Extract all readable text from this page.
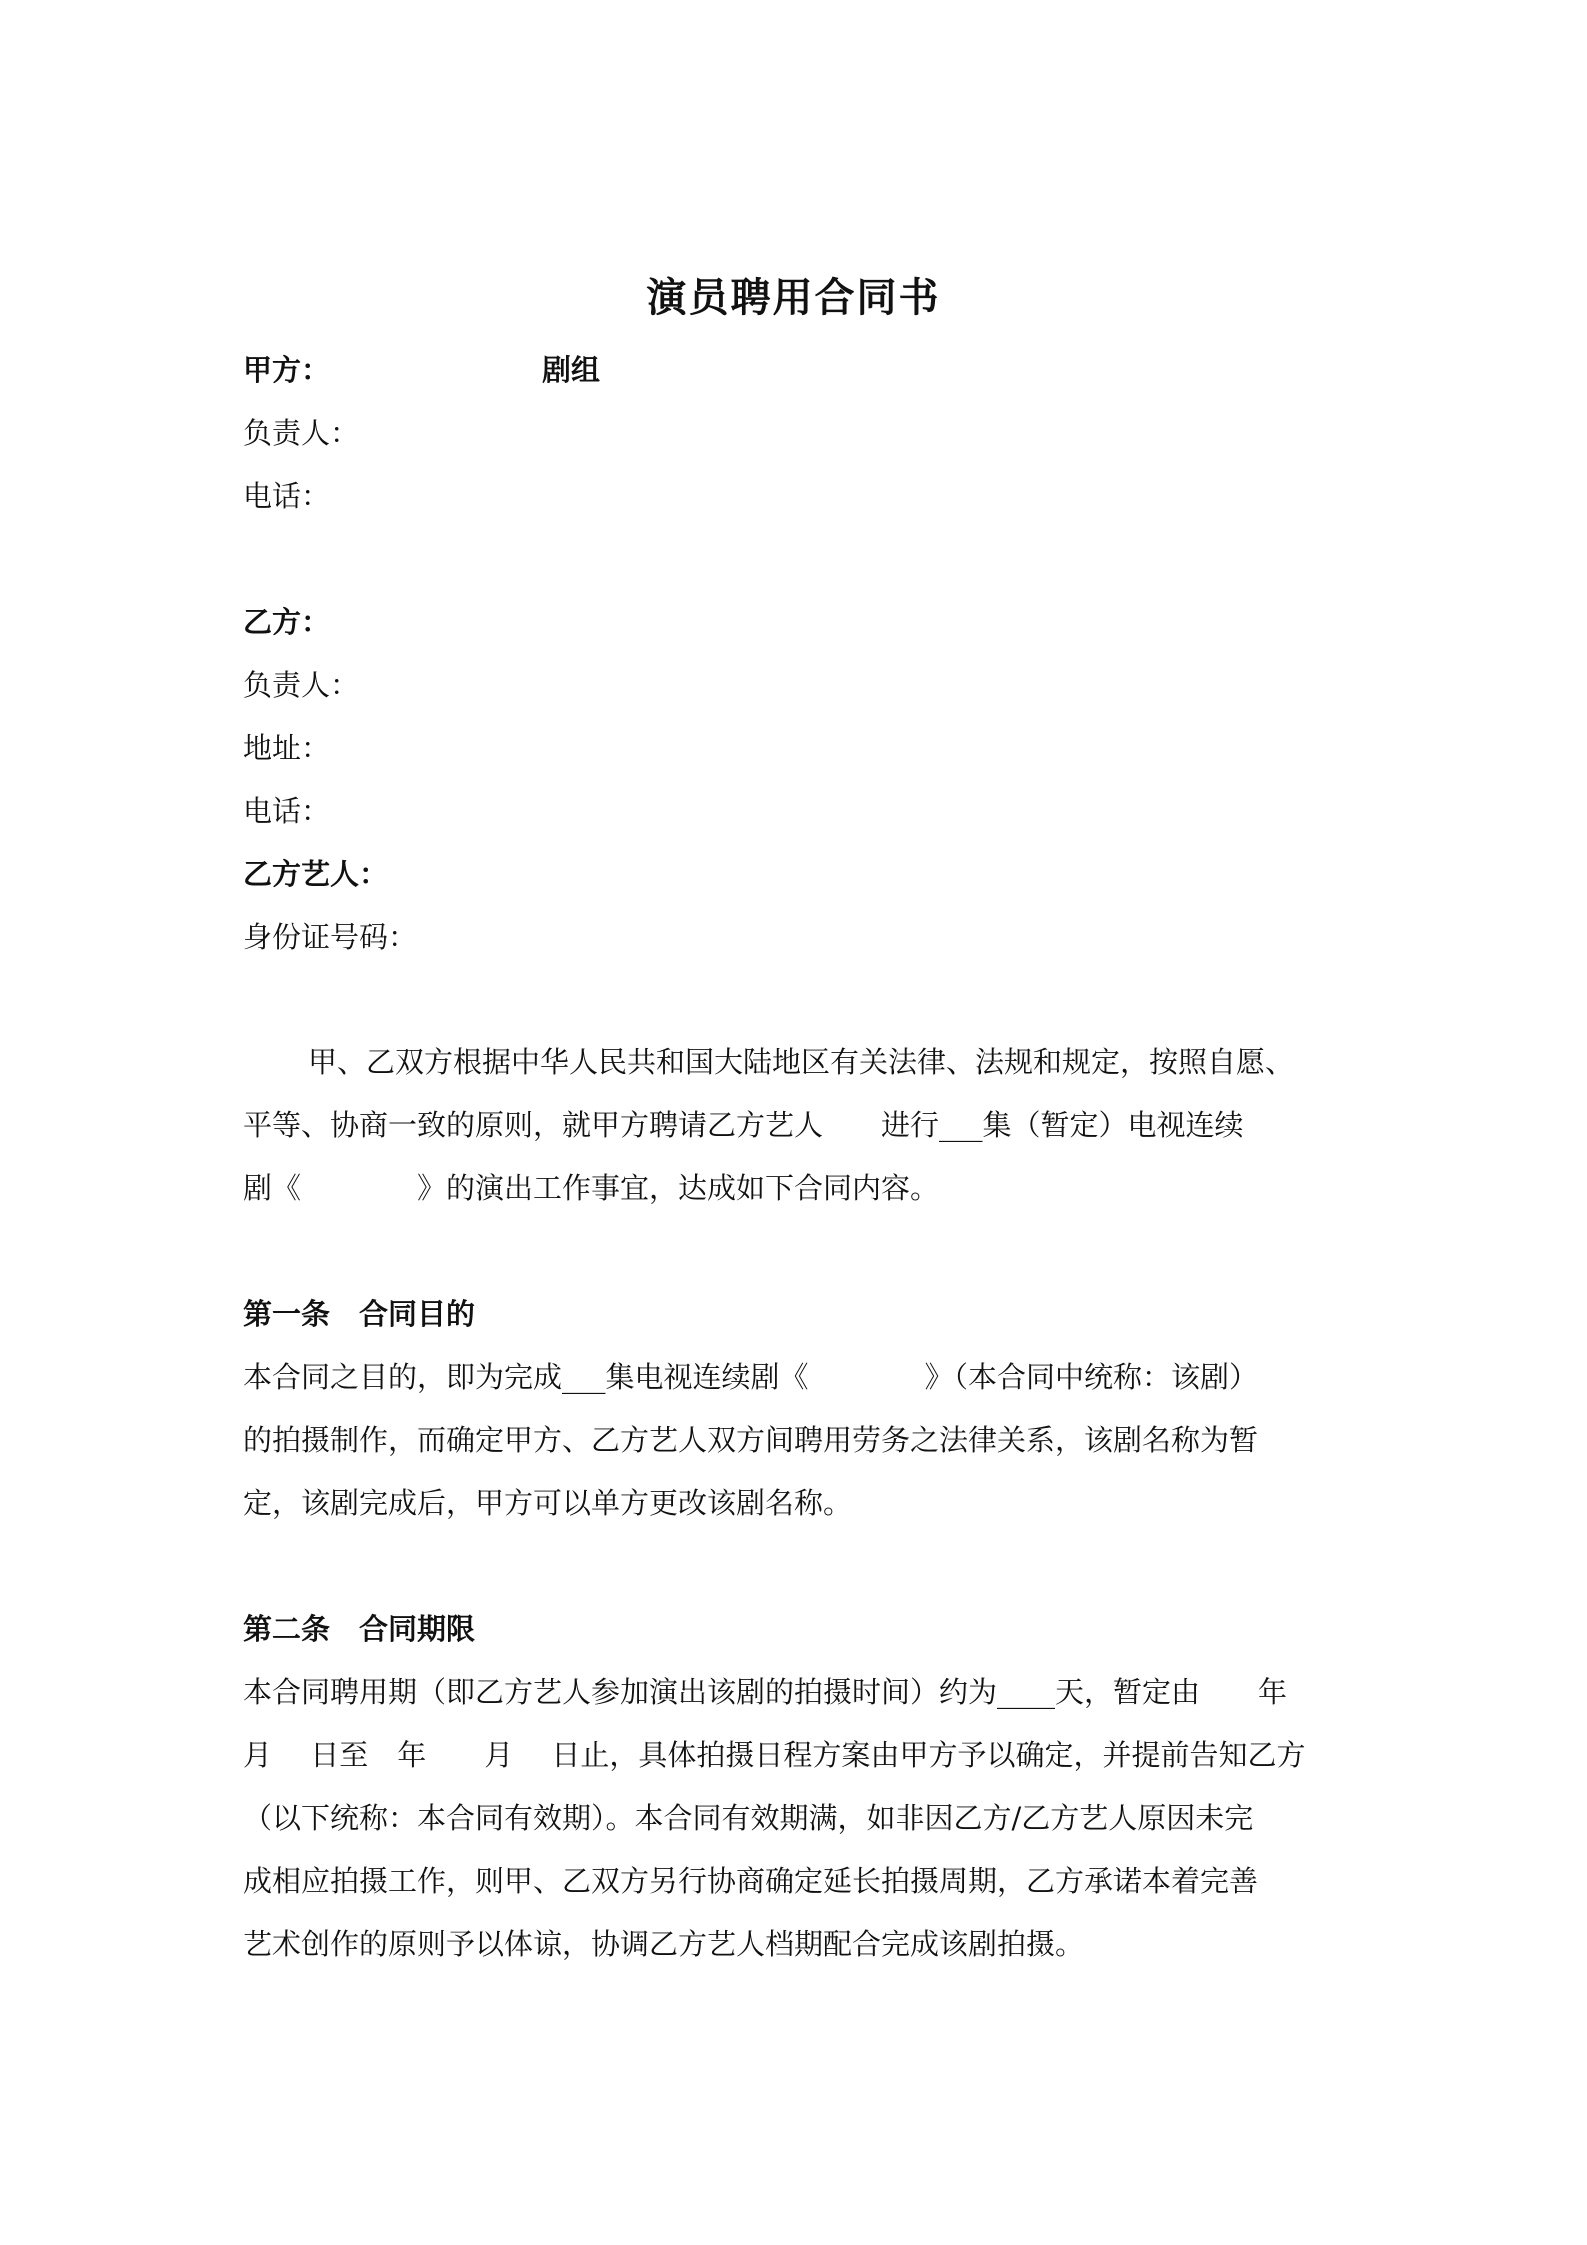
演员聘用合同书
甲方：	剧组
负责人：
电话：
乙方：
负责人：
地址：
电话：
乙方艺人：
身份证号码：
甲、乙双方根据中华人民共和国大陆地区有关法律、法规和规定，按照自愿、
平等、协商一致的原则，就甲方聘请乙方艺人　　进行___集（暂定）电视连续
剧《　　　　》的演出工作事宜，达成如下合同内容。
第一条　合同目的
本合同之目的，即为完成___集电视连续剧《　　　　》（本合同中统称：该剧）
的拍摄制作，而确定甲方、乙方艺人双方间聘用劳务之法律关系，该剧名称为暂
定，该剧完成后，甲方可以单方更改该剧名称。
第二条　合同期限
本合同聘用期（即乙方艺人参加演出该剧的拍摄时间）约为____天，暂定由　　年
月　 日至　年　　月　 日止，具体拍摄日程方案由甲方予以确定，并提前告知乙方
（以下统称：本合同有效期）。本合同有效期满，如非因乙方/乙方艺人原因未完
成相应拍摄工作，则甲、乙双方另行协商确定延长拍摄周期，乙方承诺本着完善
艺术创作的原则予以体谅，协调乙方艺人档期配合完成该剧拍摄。
